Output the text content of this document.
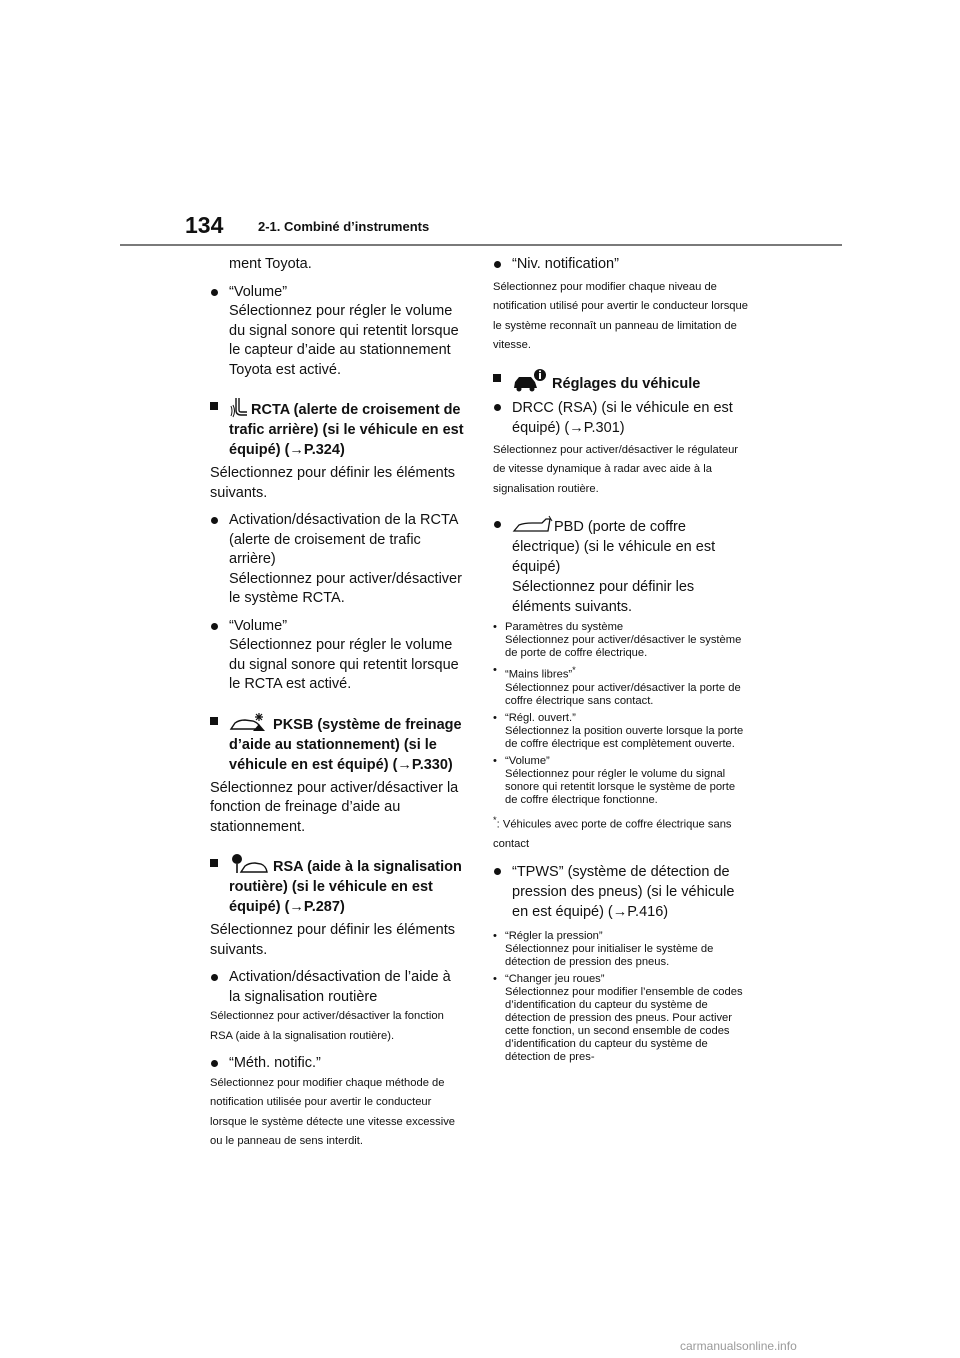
134	2-1. Combiné d’instruments

ment Toyota.

“Volume”
Sélectionnez pour régler le volume du signal sonore qui retentit lorsque le capteur d’aide au stationnement Toyota est activé.
RCTA (alerte de croisement de trafic arrière) (si le véhicule en est équipé) (→P.324)

Sélectionnez pour définir les éléments suivants.

Activation/désactivation de la RCTA (alerte de croisement de trafic arrière)
Sélectionnez pour activer/désactiver le système RCTA.
“Volume”
Sélectionnez pour régler le volume du signal sonore qui retentit lorsque le RCTA est activé.
PKSB (système de freinage d’aide au stationnement) (si le véhicule en est équipé) (→P.330)

Sélectionnez pour activer/désactiver la fonction de freinage d’aide au stationnement.

RSA (aide à la signalisation routière) (si le véhicule en est équipé) (→P.287)

Sélectionnez pour définir les éléments suivants.

Activation/désactivation de l’aide à la signalisation routière

Sélectionnez pour activer/désactiver la fonction RSA (aide à la signalisation routière).

“Méth. notific.”

Sélectionnez pour modifier chaque méthode de notification utilisée pour avertir le conducteur lorsque le système détecte une vitesse excessive ou le panneau de sens interdit.

“Niv. notification”

Sélectionnez pour modifier chaque niveau de notification utilisé pour avertir le conducteur lorsque le système reconnaît un panneau de limitation de vitesse.

Réglages du véhicule
DRCC (RSA) (si le véhicule en est équipé) (→P.301)

Sélectionnez pour activer/désactiver le régulateur de vitesse dynamique à radar avec aide à la signalisation routière.

PBD (porte de coffre électrique) (si le véhicule en est équipé)
Sélectionnez pour définir les éléments suivants.
• Paramètres du système
Sélectionnez pour activer/désactiver le système de porte de coffre électrique.
• “Mains libres”*
Sélectionnez pour activer/désactiver la porte de coffre électrique sans contact.
• “Régl. ouvert.”
Sélectionnez la position ouverte lorsque la porte de coffre électrique est complètement ouverte.
• “Volume”
Sélectionnez pour régler le volume du signal sonore qui retentit lorsque le système de porte de coffre électrique fonctionne.

*: Véhicules avec porte de coffre électrique sans contact

“TPWS” (système de détection de pression des pneus) (si le véhicule en est équipé) (→P.416)
• “Régler la pression”
Sélectionnez pour initialiser le système de détection de pression des pneus.
• “Changer jeu roues”
Sélectionnez pour modifier l’ensemble de codes d’identification du capteur du système de détection de pression des pneus. Pour activer cette fonction, un second ensemble de codes d’identification du capteur du système de détection de pres-
carmanualsonline.info
